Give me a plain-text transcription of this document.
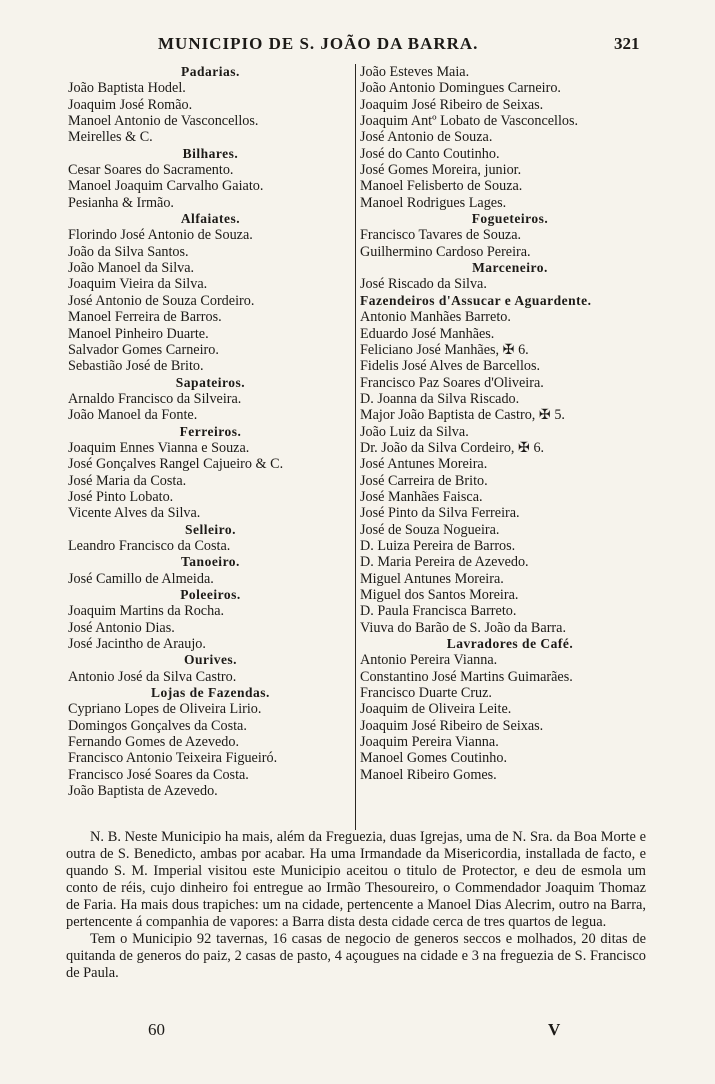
MUNICIPIO DE S. JOÃO DA BARRA.	321
Padarias.
João Baptista Hodel.
Joaquim José Romão.
Manoel Antonio de Vasconcellos.
Meirelles & C.
Bilhares.
Cesar Soares do Sacramento.
Manoel Joaquim Carvalho Gaiato.
Pesianha & Irmão.
Alfaiates.
Florindo José Antonio de Souza.
João da Silva Santos.
João Manoel da Silva.
Joaquim Vieira da Silva.
José Antonio de Souza Cordeiro.
Manoel Ferreira de Barros.
Manoel Pinheiro Duarte.
Salvador Gomes Carneiro.
Sebastião José de Brito.
Sapateiros.
Arnaldo Francisco da Silveira.
João Manoel da Fonte.
Ferreiros.
Joaquim Ennes Vianna e Souza.
José Gonçalves Rangel Cajueiro & C.
José Maria da Costa.
José Pinto Lobato.
Vicente Alves da Silva.
Selleiro.
Leandro Francisco da Costa.
Tanoeiro.
José Camillo de Almeida.
Poleeiros.
Joaquim Martins da Rocha.
José Antonio Dias.
José Jacintho de Araujo.
Ourives.
Antonio José da Silva Castro.
Lojas de Fazendas.
Cypriano Lopes de Oliveira Lirio.
Domingos Gonçalves da Costa.
Fernando Gomes de Azevedo.
Francisco Antonio Teixeira Figueiró.
Francisco José Soares da Costa.
João Baptista de Azevedo.
João Esteves Maia.
João Antonio Domingues Carneiro.
Joaquim José Ribeiro de Seixas.
Joaquim Antº Lobato de Vasconcellos.
José Antonio de Souza.
José do Canto Coutinho.
José Gomes Moreira, junior.
Manoel Felisberto de Souza.
Manoel Rodrigues Lages.
Fogueteiros.
Francisco Tavares de Souza.
Guilhermino Cardoso Pereira.
Marceneiro.
José Riscado da Silva.
Fazendeiros d'Assucar e Aguardente.
Antonio Manhães Barreto.
Eduardo José Manhães.
Feliciano José Manhães, ✠ 6.
Fidelis José Alves de Barcellos.
Francisco Paz Soares d'Oliveira.
D. Joanna da Silva Riscado.
Major João Baptista de Castro, ✠ 5.
João Luiz da Silva.
Dr. João da Silva Cordeiro, ✠ 6.
José Antunes Moreira.
José Carreira de Brito.
José Manhães Faisca.
José Pinto da Silva Ferreira.
José de Souza Nogueira.
D. Luiza Pereira de Barros.
D. Maria Pereira de Azevedo.
Miguel Antunes Moreira.
Miguel dos Santos Moreira.
D. Paula Francisca Barreto.
Viuva do Barão de S. João da Barra.
Lavradores de Café.
Antonio Pereira Vianna.
Constantino José Martins Guimarães.
Francisco Duarte Cruz.
Joaquim de Oliveira Leite.
Joaquim José Ribeiro de Seixas.
Joaquim Pereira Vianna.
Manoel Gomes Coutinho.
Manoel Ribeiro Gomes.

N. B. Neste Municipio ha mais, além da Freguezia, duas Igrejas, uma de N. Sra. da Boa Morte e outra de S. Benedicto, ambas por acabar. Ha uma Irmandade da Misericordia, installada de facto, e quando S. M. Imperial visitou este Municipio aceitou o titulo de Protector, e deu de esmola um conto de réis, cujo dinheiro foi entregue ao Irmão Thesoureiro, o Commendador Joaquim Thomaz de Faria. Ha mais dous trapiches: um na cidade, pertencente a Manoel Dias Alecrim, outro na Barra, pertencente á companhia de vapores: a Barra dista desta cidade cerca de tres quartos de legua.

Tem o Municipio 92 tavernas, 16 casas de negocio de generos seccos e molhados, 20 ditas de quitanda de generos do paiz, 2 casas de pasto, 4 açougues na cidade e 3 na freguezia de S. Francisco de Paula.

60	V
